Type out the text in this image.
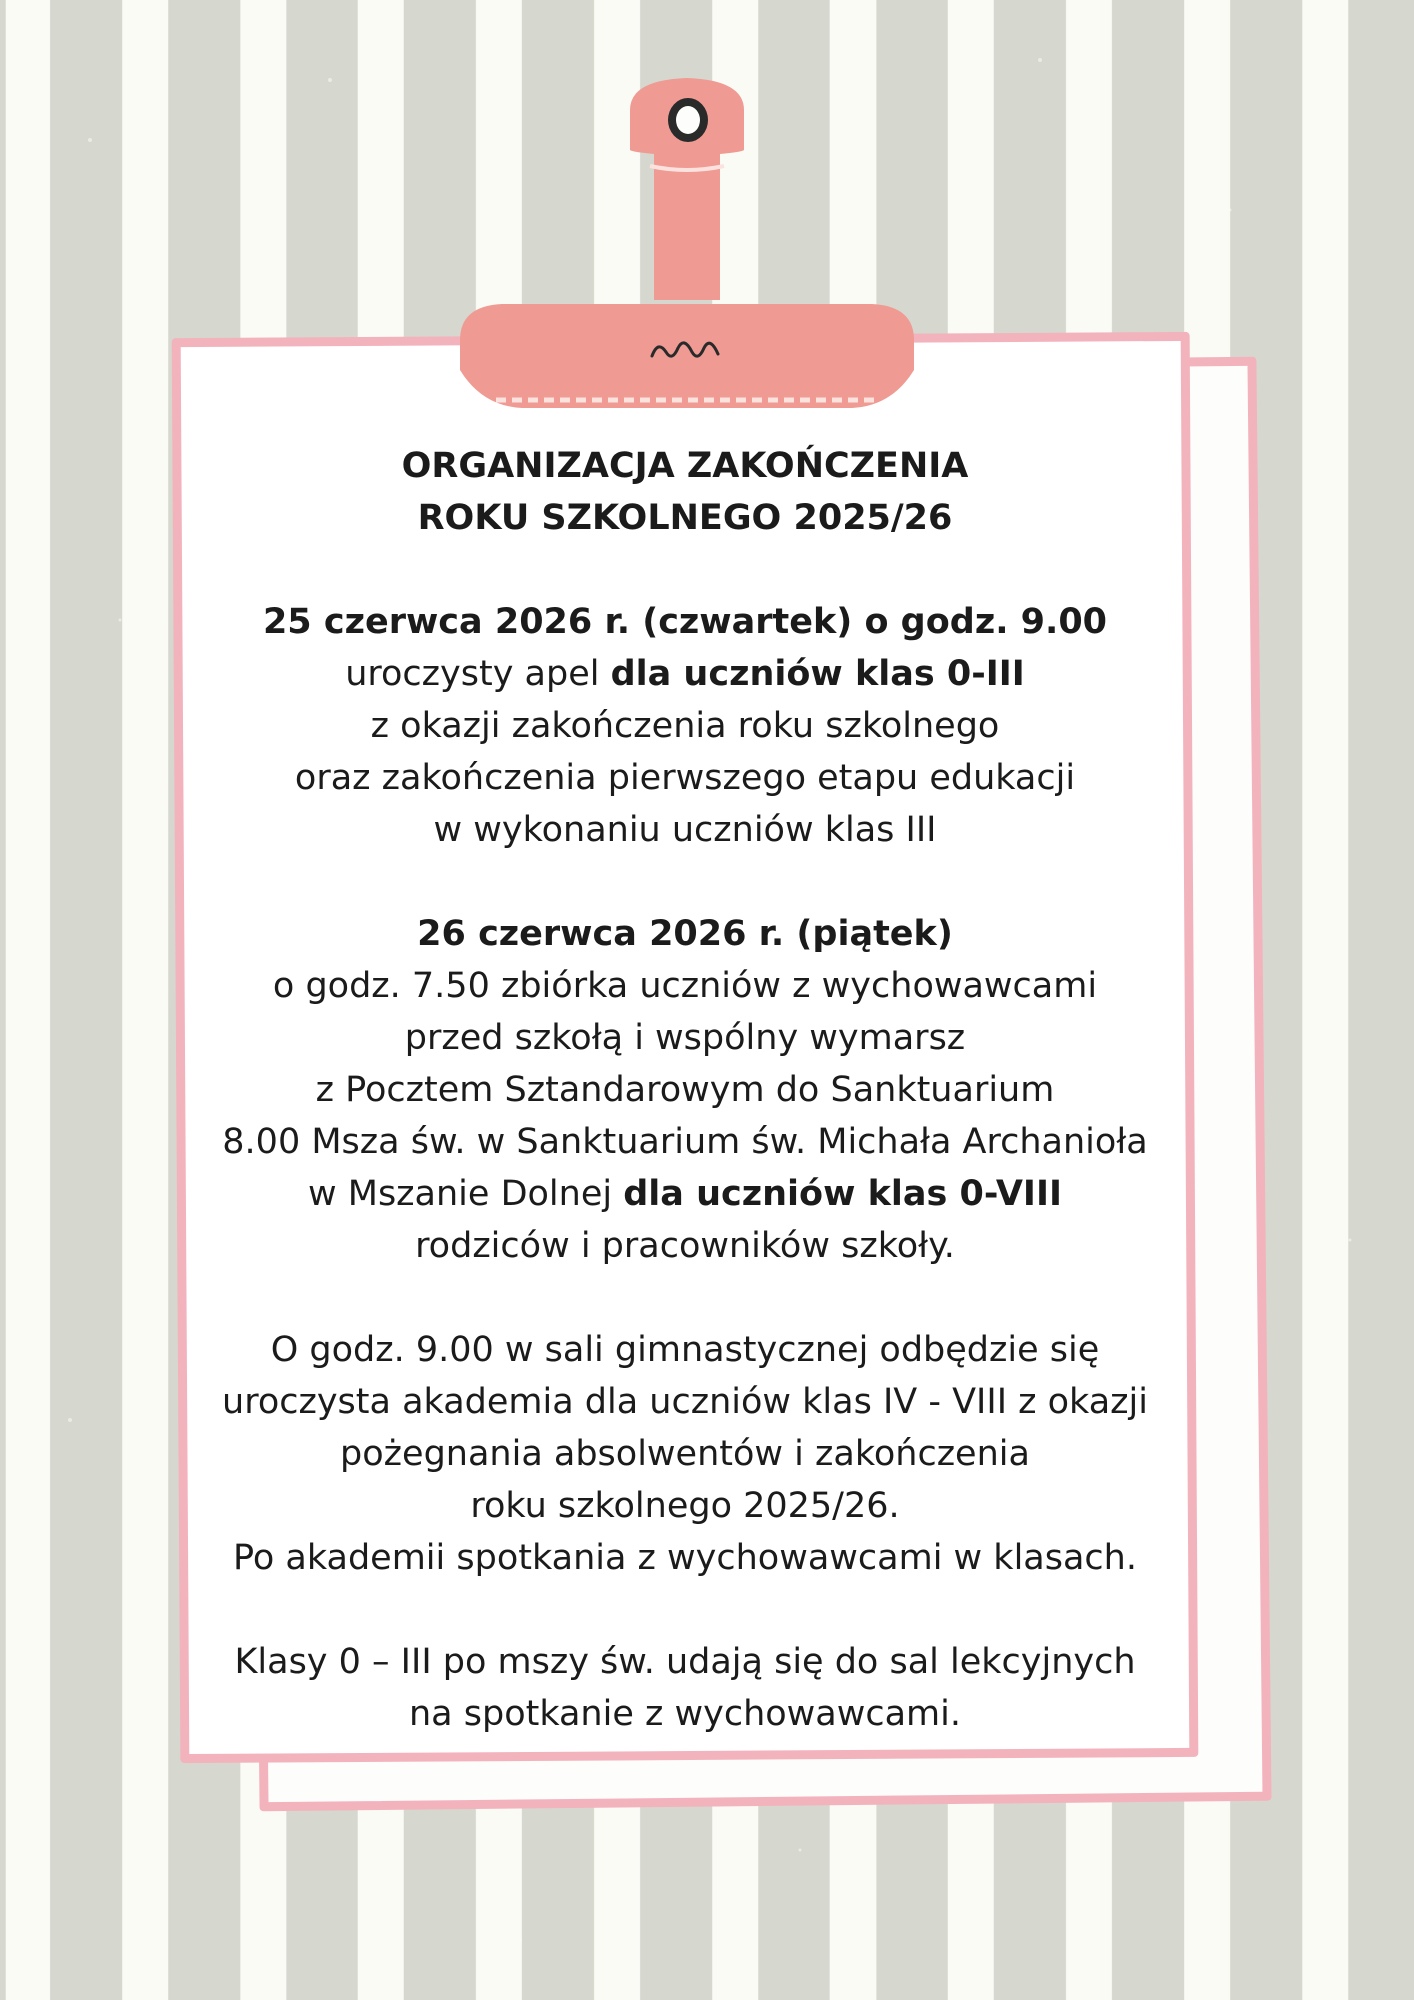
ORGANIZACJA ZAKOŃCZENIA
ROKU SZKOLNEGO 2025/26
25 czerwca 2026 r. (czwartek) o godz. 9.00
uroczysty apel dla uczniów klas 0-III
z okazji zakończenia roku szkolnego
oraz zakończenia pierwszego etapu edukacji
w wykonaniu uczniów klas III
26 czerwca 2026 r. (piątek)
o godz. 7.50 zbiórka uczniów z wychowawcami
przed szkołą i wspólny wymarsz
z Pocztem Sztandarowym do Sanktuarium
8.00 Msza św. w Sanktuarium św. Michała Archanioła
w Mszanie Dolnej dla uczniów klas 0-VIII
rodziców i pracowników szkoły.
O godz. 9.00 w sali gimnastycznej odbędzie się
uroczysta akademia dla uczniów klas IV - VIII z okazji
pożegnania absolwentów i zakończenia
roku szkolnego 2025/26.
Po akademii spotkania z wychowawcami w klasach.
Klasy 0 – III po mszy św. udają się do sal lekcyjnych
na spotkanie z wychowawcami.
